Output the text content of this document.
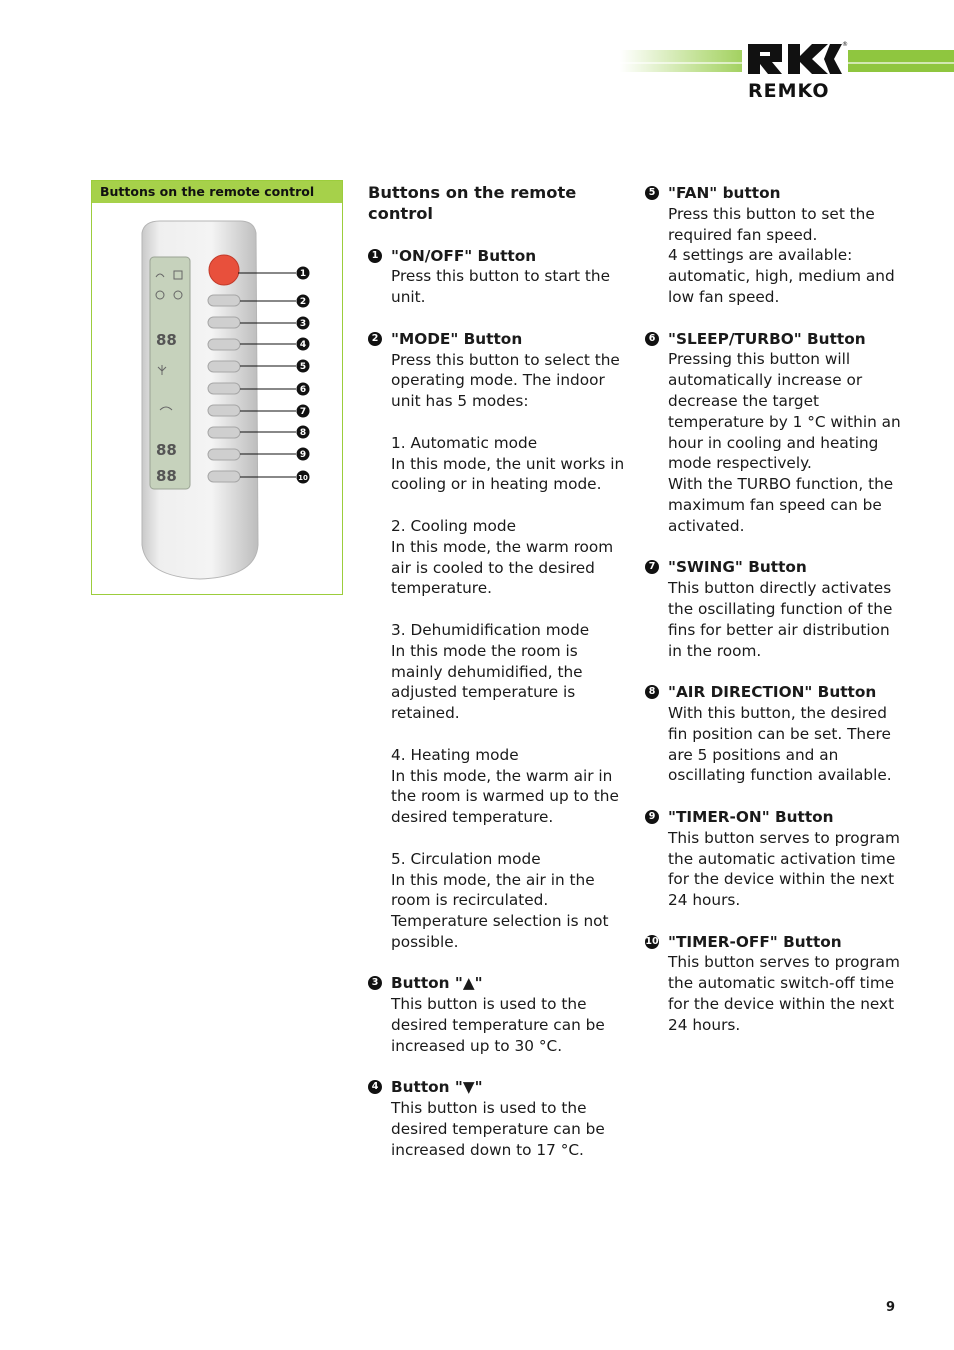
®
REMKO
Buttons on the remote control
88
88
88
1
2
3
4
5
6
7
8
9
10
Buttons on the remote control
1 "ON/OFF" Button
Press this button to start the unit.
2 "MODE" Button
Press this button to select the operating mode. The indoor unit has 5 modes:
1. Automatic mode
In this mode, the unit works in cooling or in heating mode.
2. Cooling mode
In this mode, the warm room air is cooled to the desired temperature.
3. Dehumidification mode
In this mode the room is mainly dehumidified, the adjusted temperature is retained.
4. Heating mode
In this mode, the warm air in the room is warmed up to the desired temperature.
5. Circulation mode
In this mode, the air in the room is recirculated.
Temperature selection is not possible.
3 Button "▲"
This button is used to the desired temperature can be increased up to 30 °C.
4 Button "▼"
This button is used to the desired temperature can be increased down to 17 °C.
5 "FAN" button
Press this button to set the required fan speed.
4 settings are available: automatic, high, medium and low fan speed.
6 "SLEEP/TURBO" Button
Pressing this button will automatically increase or decrease the target temperature by 1 °C within an hour in cooling and heating mode respectively.
With the TURBO function, the maximum fan speed can be activated.
7 "SWING" Button
This button directly activates the oscillating function of the fins for better air distribution in the room.
8 "AIR DIRECTION" Button
With this button, the desired fin position can be set. There are 5 positions and an oscillating function available.
9 "TIMER-ON" Button
This button serves to program the automatic activation time for the device within the next 24 hours.
10 "TIMER-OFF" Button
This button serves to program the automatic switch-off time for the device within the next 24 hours.
9
